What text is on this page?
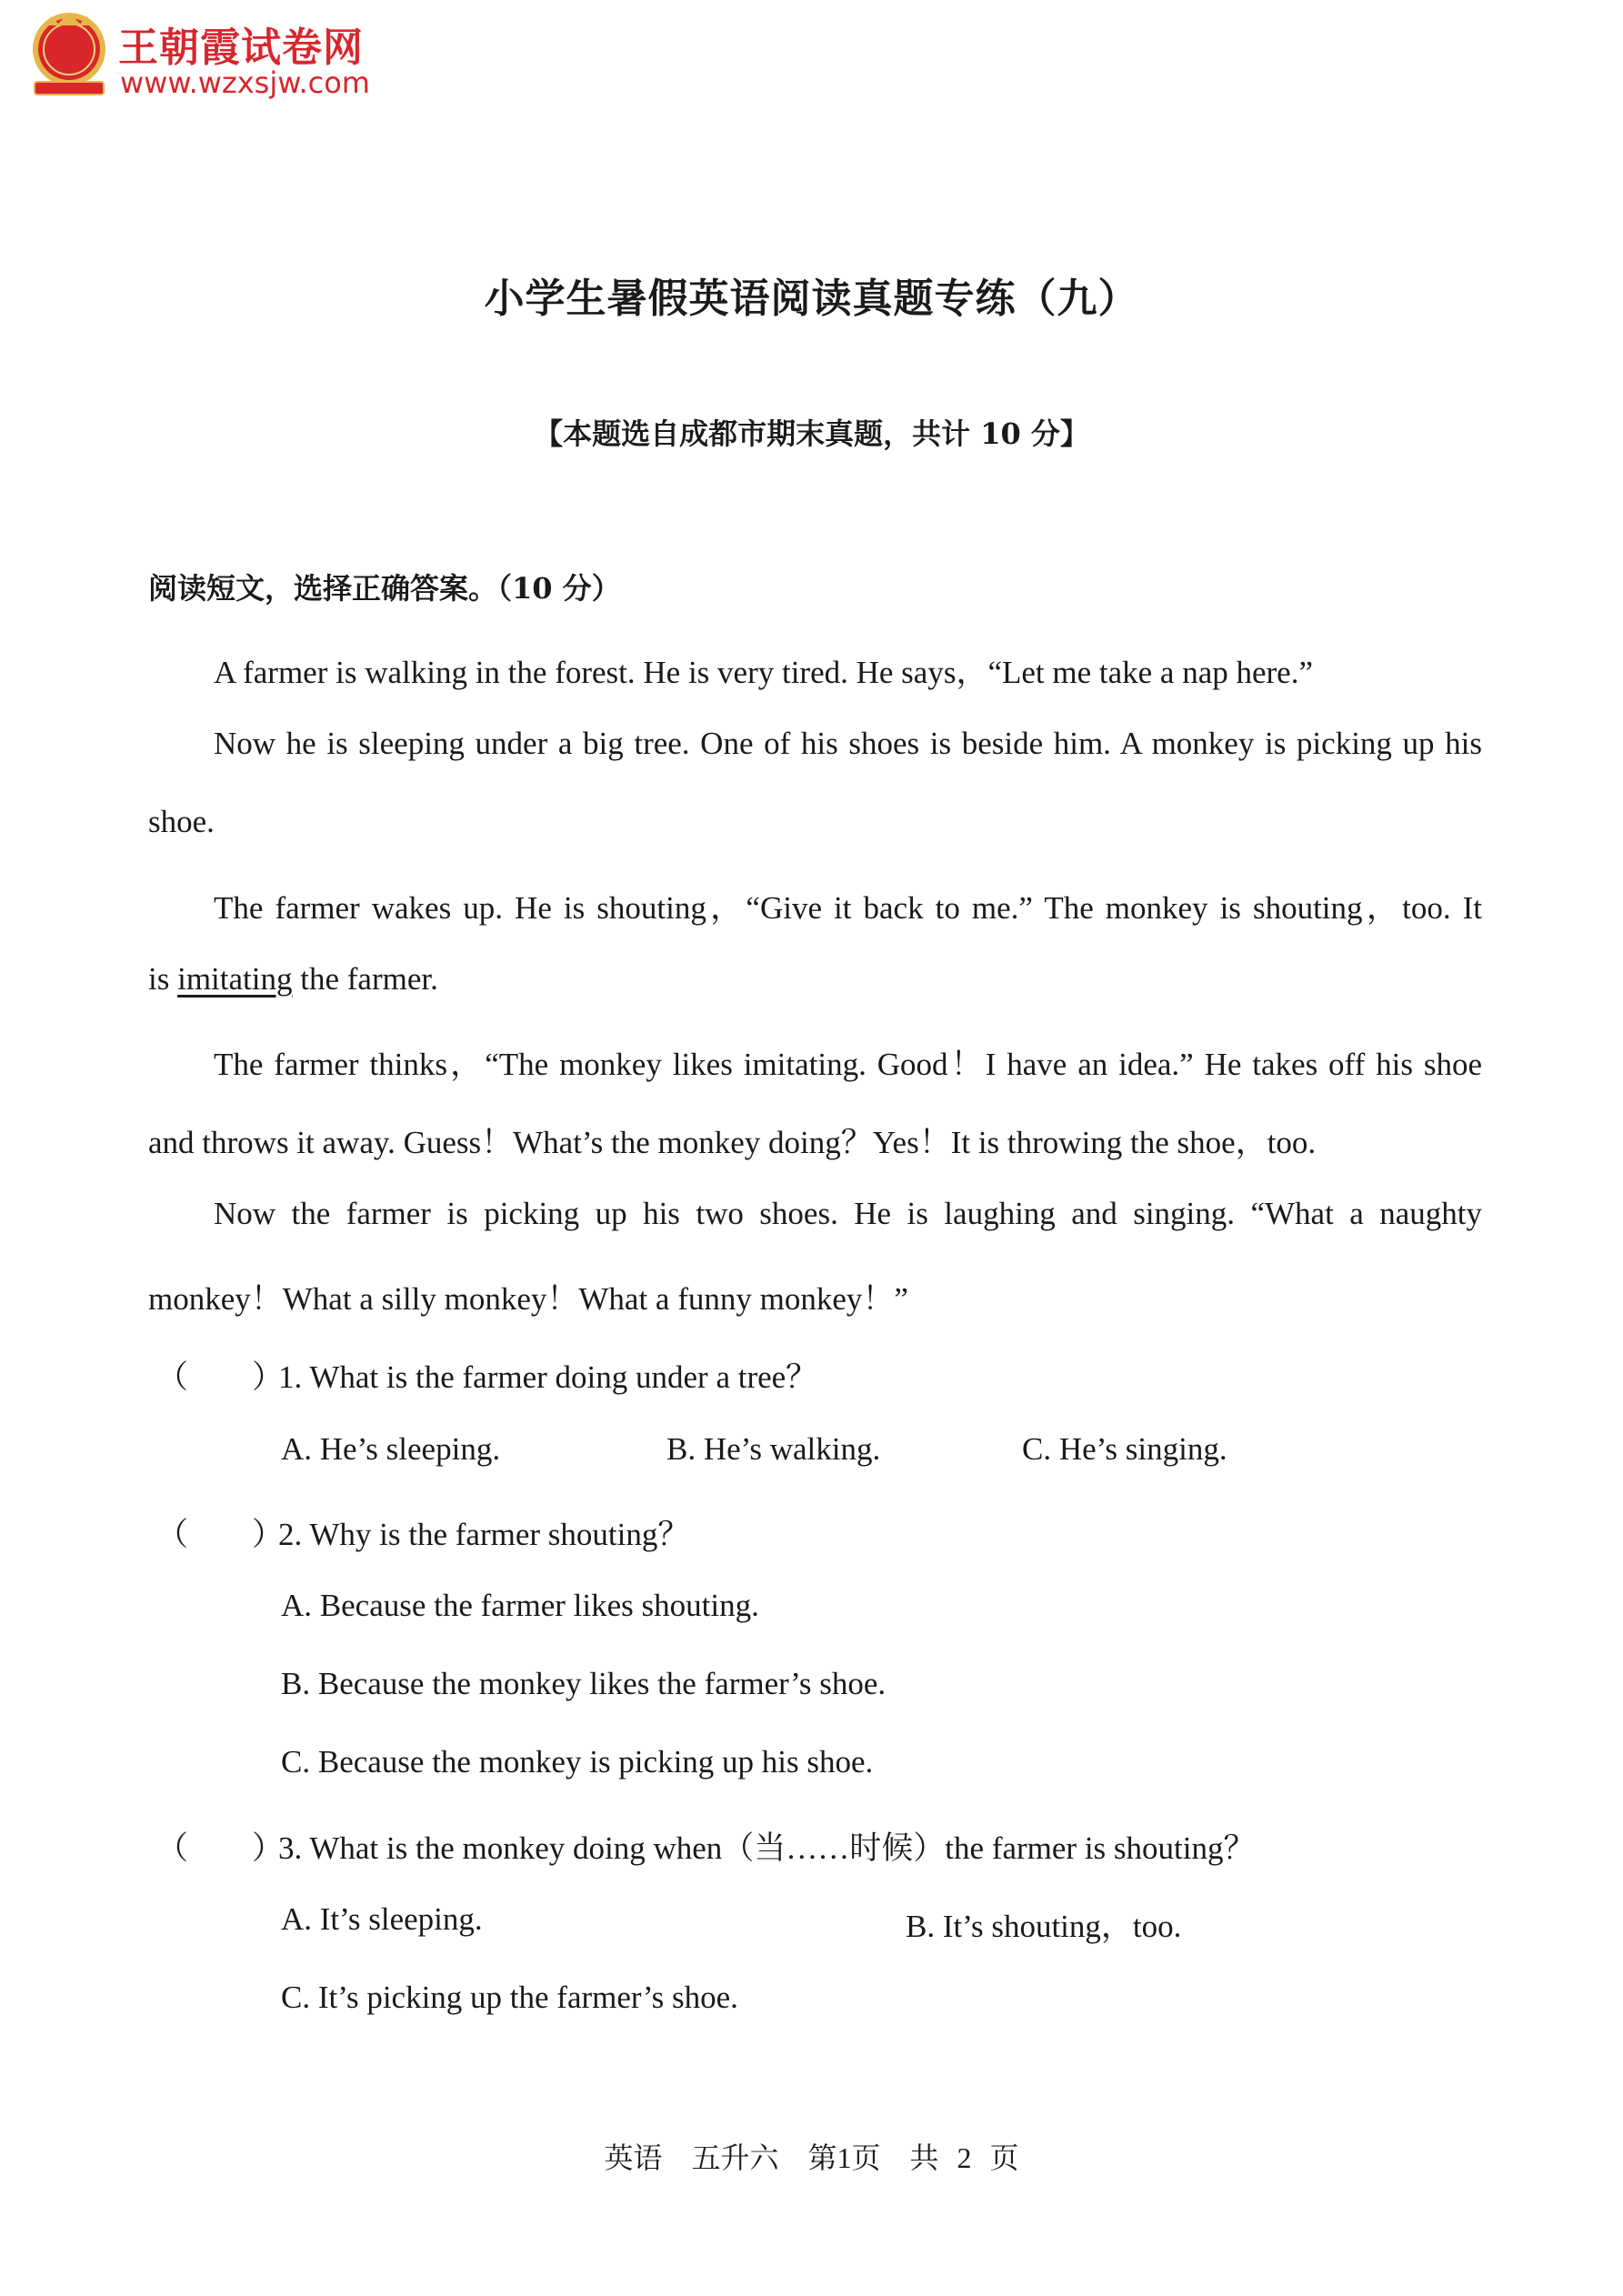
王朝霞试卷网
www.wzxsjw.com
小学生暑假英语阅读真题专练（九）
【本题选自成都市期末真题，共计 10 分】
阅读短文，选择正确答案。（10 分）
A farmer is walking in the forest. He is very tired. He says，“Let me take a nap here.”
Now he is sleeping under a big tree. One of his shoes is beside him. A monkey is picking up his
shoe.
The farmer wakes up. He is shouting，“Give it back to me.” The monkey is shouting，too. It
is imitating the farmer.
The farmer thinks，“The monkey likes imitating. Good！I have an idea.” He takes off his shoe
and throws it away. Guess！What’s the monkey doing？Yes！It is throwing the shoe，too.
Now the farmer is picking up his two shoes. He is laughing and singing. “What a naughty
monkey！What a silly monkey！What a funny monkey！”
（　　）
1. What is the farmer doing under a tree？
A. He’s sleeping.	B. He’s walking.	C. He’s singing.
（　　）
2. Why is the farmer shouting？
A. Because the farmer likes shouting.
B. Because the monkey likes the farmer’s shoe.
C. Because the monkey is picking up his shoe.
（　　）
3. What is the monkey doing when（当……时候）the farmer is shouting？
A. It’s sleeping.	B. It’s shouting，too.
C. It’s picking up the farmer’s shoe.
英语　五升六　第1页　共 2 页
